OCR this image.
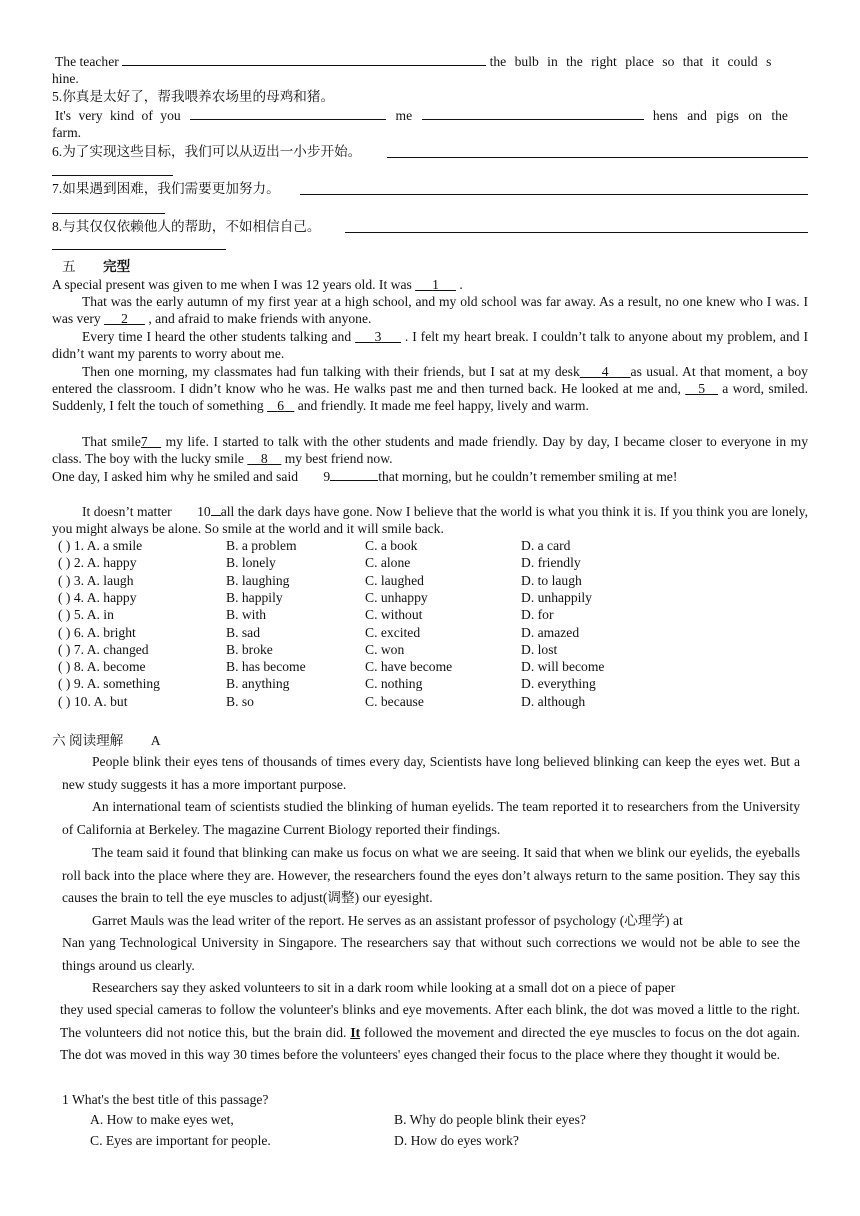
The teacher	the bulb in the right place so that it could s
hine.
5.你真是太好了，帮我喂养农场里的母鸡和猪。
It's very kind of you	me	hens and pigs on the
farm.
6.为了实现这些目标，我们可以从迈出一小步开始。
7.如果遇到困难，我们需要更加努力。
8.与其仅仅依赖他人的帮助，不如相信自己。
五 完型
A special present was given to me when I was 12 years old. It was 1 .
That was the early autumn of my first year at a high school, and my old school was far away. As a result, no one knew who I was. I was very 2 , and afraid to make friends with anyone.
Every time I heard the other students talking and 3 . I felt my heart break. I couldn’t talk to anyone about my problem, and I didn’t want my parents to worry about me.
Then one morning, my classmates had fun talking with their friends, but I sat at my desk 4 as usual. At that moment, a boy entered the classroom. I didn’t know who he was. He walks past me and then turned back. He looked at me and, 5 a word, smiled. Suddenly, I felt the touch of something 6 and friendly. It made me feel happy, lively and warm.
That smile7 my life. I started to talk with the other students and made friendly. Day by day, I became closer to everyone in my class. The boy with the lucky smile 8 my best friend now.
One day, I asked him why he smiled and said 9	that morning, but he couldn’t remember smiling at me!
It doesn’t matter 10 all the dark days have gone. Now I believe that the world is what you think it is. If you think you are lonely, you might always be alone. So smile at the world and it will smile back.
( ) 1. A. a smile	B. a problem	C. a book	D. a card
( ) 2. A. happy	B. lonely	C. alone	D. friendly
( ) 3. A. laugh	B. laughing	C. laughed	D. to laugh
( ) 4. A. happy	B. happily	C. unhappy	D. unhappily
( ) 5. A. in	B. with	C. without	D. for
( ) 6. A. bright	B. sad	C. excited	D. amazed
( ) 7. A. changed	B. broke	C. won	D. lost
( ) 8. A. become	B. has become	C. have become	D. will become
( ) 9. A. something	B. anything	C. nothing	D. everything
( ) 10. A. but	B. so	C. because	D. although
六 阅读理解 A
People blink their eyes tens of thousands of times every day, Scientists have long believed blinking can keep the eyes wet. But a new study suggests it has a more important purpose.
An international team of scientists studied the blinking of human eyelids. The team reported it to researchers from the University of California at Berkeley. The magazine Current Biology reported their findings.
The team said it found that blinking can make us focus on what we are seeing. It said that when we blink our eyelids, the eyeballs roll back into the place where they are. However, the researchers found the eyes don’t always return to the same position. They say this causes the brain to tell the eye muscles to adjust(调整) our eyesight.
Garret Mauls was the lead writer of the report. He serves as an assistant professor of psychology (心理学) at
Nan yang Technological University in Singapore. The researchers say that without such corrections we would not be able to see the things around us clearly.
Researchers say they asked volunteers to sit in a dark room while looking at a small dot on a piece of paper
they used special cameras to follow the volunteer's blinks and eye movements. After each blink, the dot was moved a little to the right. The volunteers did not notice this, but the brain did. It followed the movement and directed the eye muscles to focus on the dot again. The dot was moved in this way 30 times before the volunteers' eyes changed their focus to the place where they thought it would be.
1 What's the best title of this passage?
A. How to make eyes wet,	B. Why do people blink their eyes?
C. Eyes are important for people.	D. How do eyes work?
